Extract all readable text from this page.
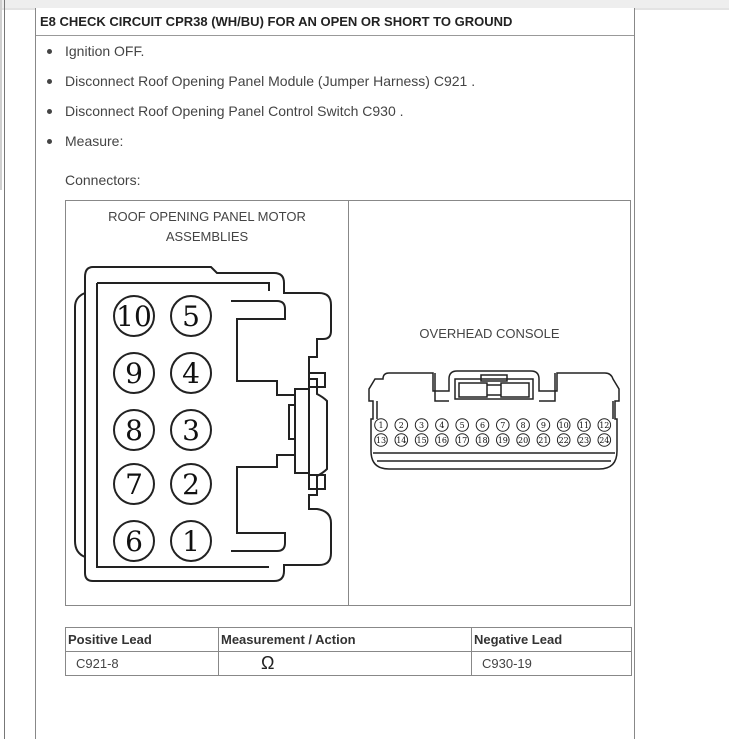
E8 CHECK CIRCUIT CPR38 (WH/BU) FOR AN OPEN OR SHORT TO GROUND
Ignition OFF.
Disconnect Roof Opening Panel Module (Jumper Harness) C921 .
Disconnect Roof Opening Panel Control Switch C930 .
Measure:
Connectors:
ROOF OPENING PANEL MOTOR ASSEMBLIES
OVERHEAD CONSOLE
10 5
9 4
8 3
7 2
6 1
1 2 3 4 5 6 7 8 9 10 11 12
13 14 15 16 17 18 19 20 21 22 23 24
Positive Lead	Measurement / Action	Negative Lead
C921-8	Ω	C930-19
